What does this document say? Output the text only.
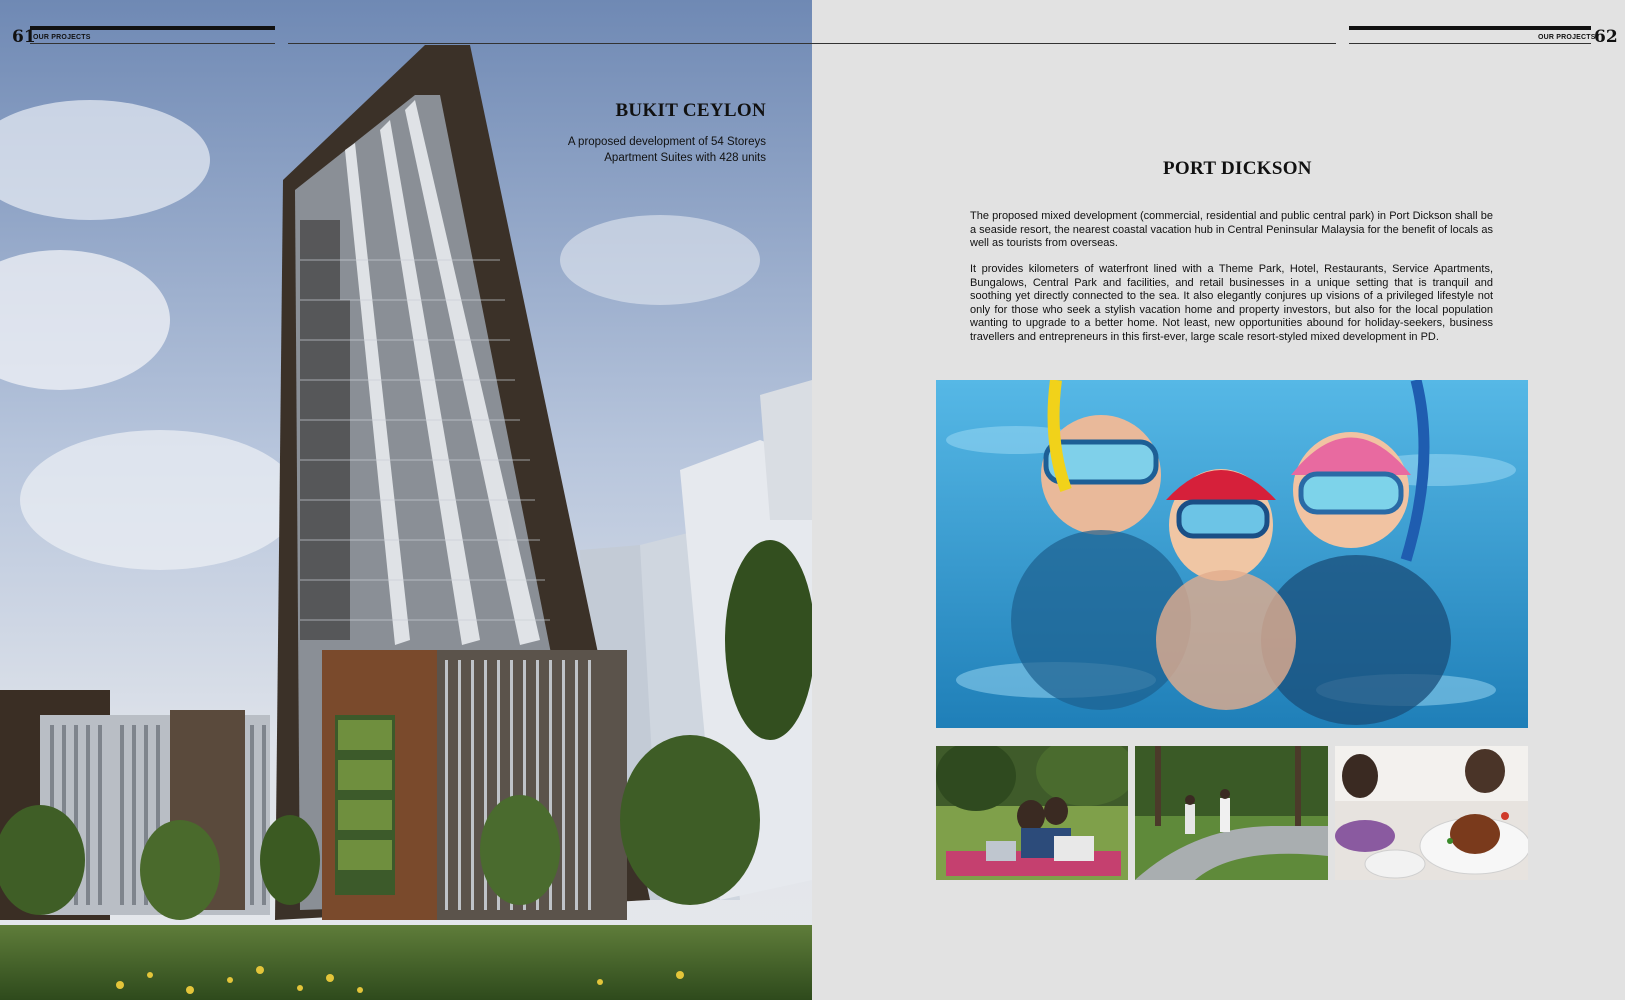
61
OUR PROJECTS
BUKIT CEYLON
A proposed development of 54 Storeys
Apartment Suites with 428 units
OUR PROJECTS
62
PORT DICKSON
The proposed mixed development (commercial, residential and public central park) in Port Dickson shall be a seaside resort, the nearest coastal vacation hub in Central Peninsular Malaysia for the benefit of locals as well as tourists from overseas.
It provides kilometers of waterfront lined with a Theme Park, Hotel, Restaurants, Service Apartments, Bungalows, Central Park and facilities, and retail businesses in a unique setting that is tranquil and soothing yet directly connected to the sea. It also elegantly conjures up visions of a privileged lifestyle not only for those who seek a stylish vacation home and property investors, but also for the local population wanting to upgrade to a better home. Not least, new opportunities abound for holiday-seekers, business travellers and entrepreneurs in this first-ever, large scale resort-styled mixed development in PD.
